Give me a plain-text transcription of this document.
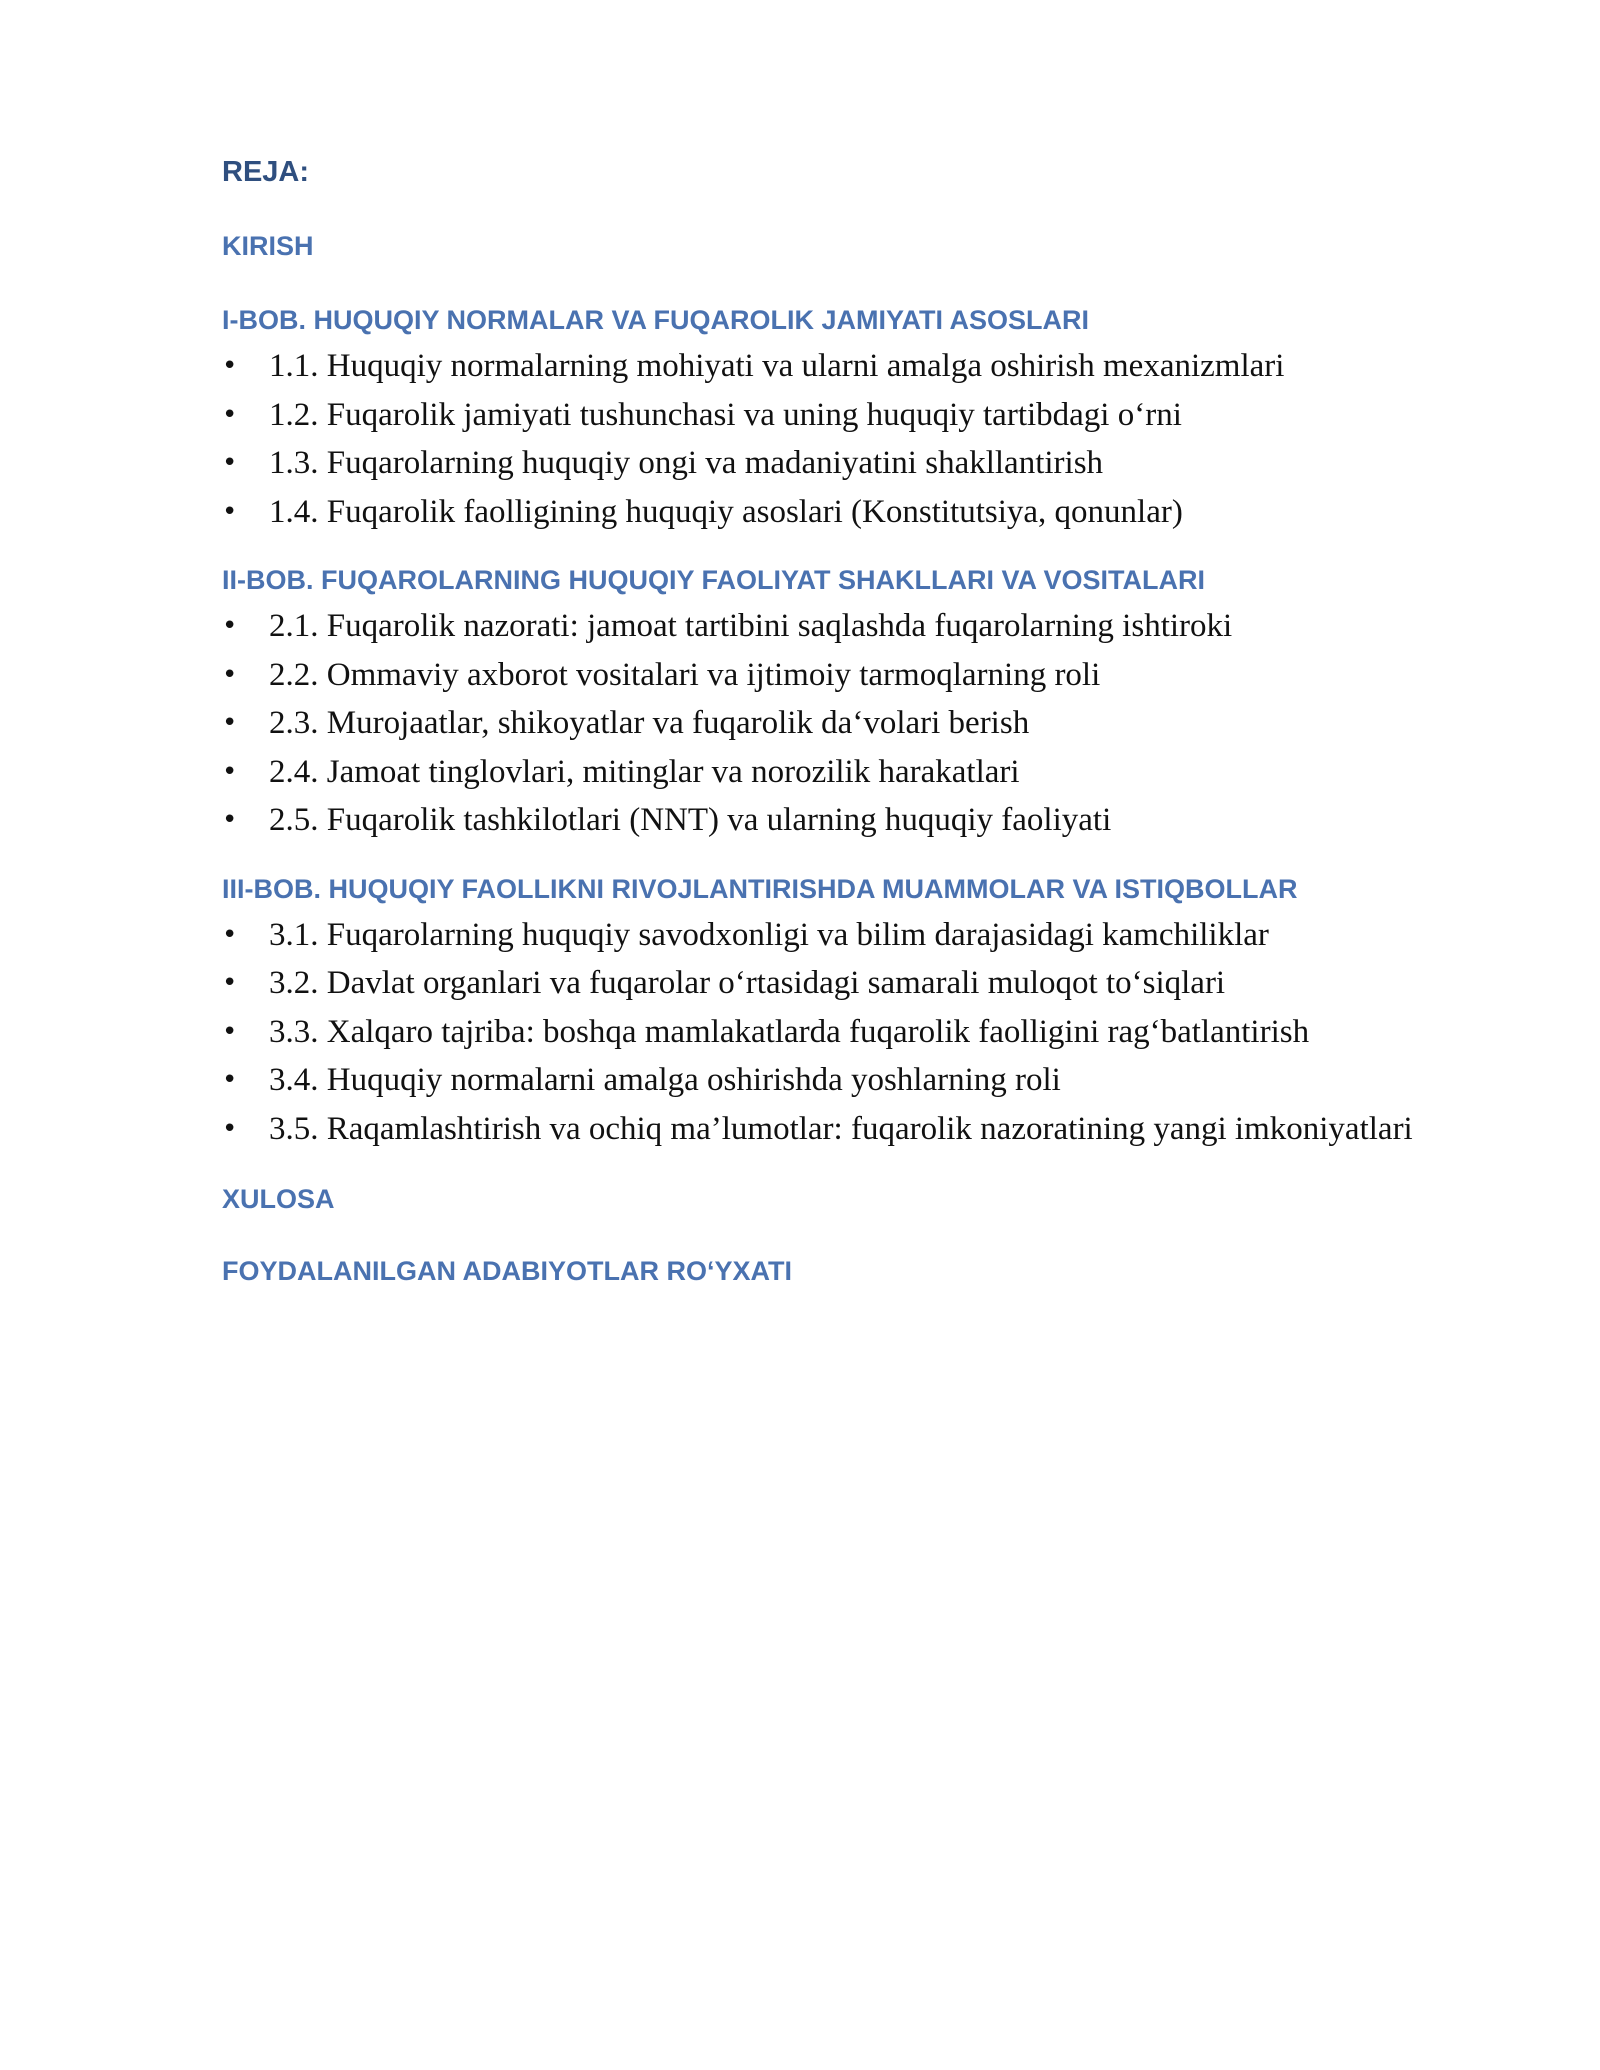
REJA:
KIRISH
I-BOB. HUQUQIY NORMALAR VA FUQAROLIK JAMIYATI ASOSLARI
• 1.1. Huquqiy normalarning mohiyati va ularni amalga oshirish mexanizmlari
• 1.2. Fuqarolik jamiyati tushunchasi va uning huquqiy tartibdagi o‘rni
• 1.3. Fuqarolarning huquqiy ongi va madaniyatini shakllantirish
• 1.4. Fuqarolik faolligining huquqiy asoslari (Konstitutsiya, qonunlar)
II-BOB. FUQAROLARNING HUQUQIY FAOLIYAT SHAKLLARI VA VOSITALARI
• 2.1. Fuqarolik nazorati: jamoat tartibini saqlashda fuqarolarning ishtiroki
• 2.2. Ommaviy axborot vositalari va ijtimoiy tarmoqlarning roli
• 2.3. Murojaatlar, shikoyatlar va fuqarolik da‘volari berish
• 2.4. Jamoat tinglovlari, mitinglar va norozilik harakatlari
• 2.5. Fuqarolik tashkilotlari (NNT) va ularning huquqiy faoliyati
III-BOB. HUQUQIY FAOLLIKNI RIVOJLANTIRISHDA MUAMMOLAR VA ISTIQBOLLAR
• 3.1. Fuqarolarning huquqiy savodxonligi va bilim darajasidagi kamchiliklar
• 3.2. Davlat organlari va fuqarolar o‘rtasidagi samarali muloqot to‘siqlari
• 3.3. Xalqaro tajriba: boshqa mamlakatlarda fuqarolik faolligini rag‘batlantirish
• 3.4. Huquqiy normalarni amalga oshirishda yoshlarning roli
• 3.5. Raqamlashtirish va ochiq ma’lumotlar: fuqarolik nazoratining yangi imkoniyatlari
XULOSA
FOYDALANILGAN ADABIYOTLAR RO‘YXATI
